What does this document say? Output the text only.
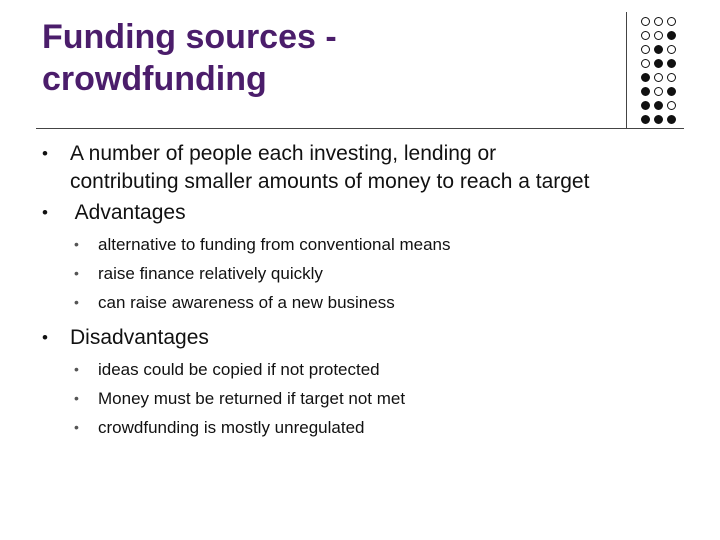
Funding sources -
crowdfunding
• A number of people each investing, lending or
contributing smaller amounts of money to reach a target
• Advantages
• alternative to funding from conventional means
• raise finance relatively quickly
• can raise awareness of a new business
• Disadvantages
• ideas could be copied if not protected
• Money must be returned if target not met
• crowdfunding is mostly unregulated
